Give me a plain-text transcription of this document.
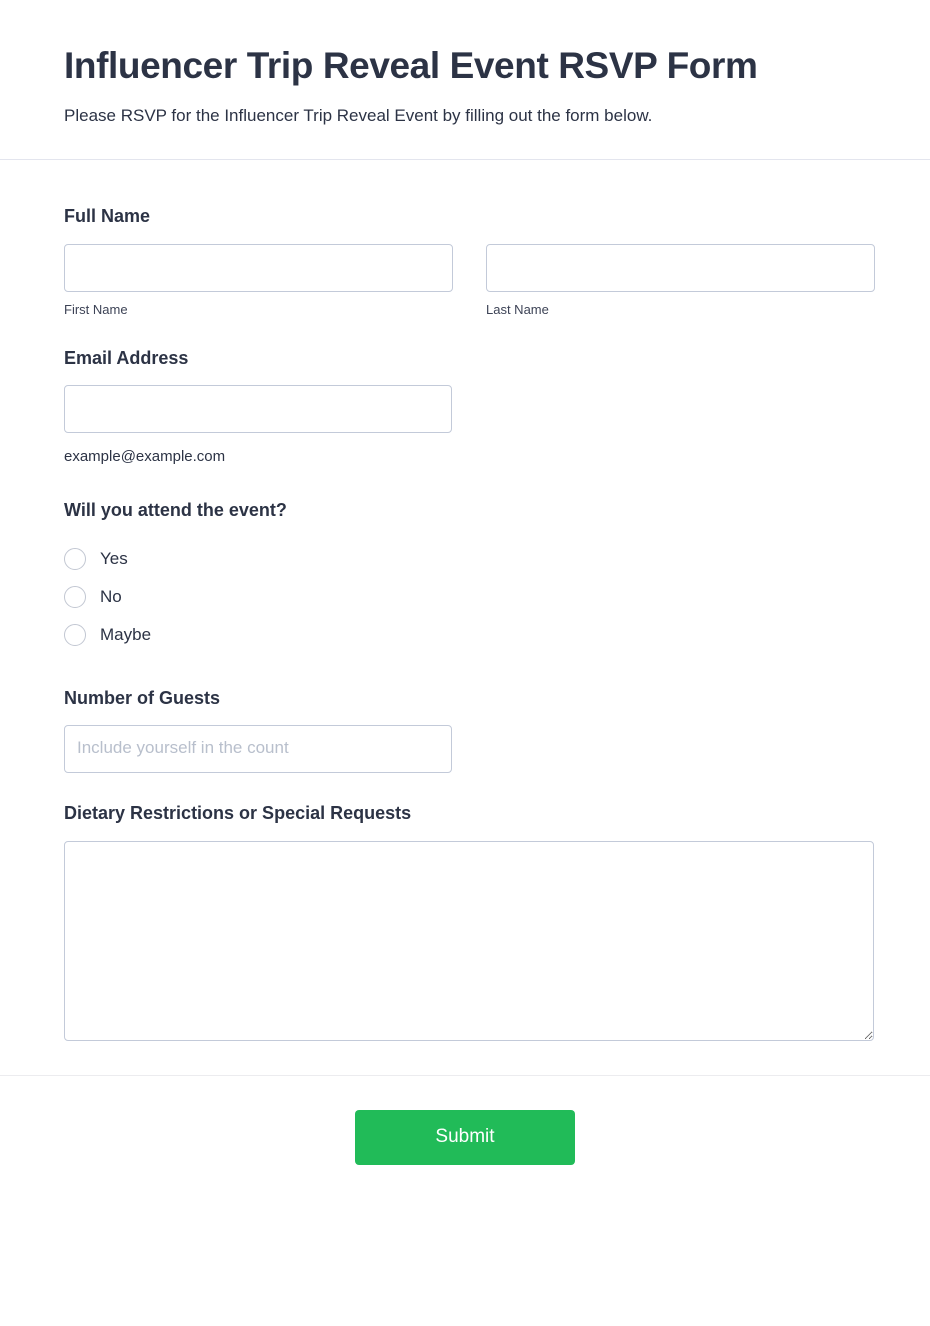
Influencer Trip Reveal Event RSVP Form

Please RSVP for the Influencer Trip Reveal Event by filling out the form below.

Full Name
First Name	Last Name
Email Address
example@example.com
Will you attend the event?
Yes
No
Maybe
Number of Guests
Include yourself in the count
Dietary Restrictions or Special Requests
Submit
